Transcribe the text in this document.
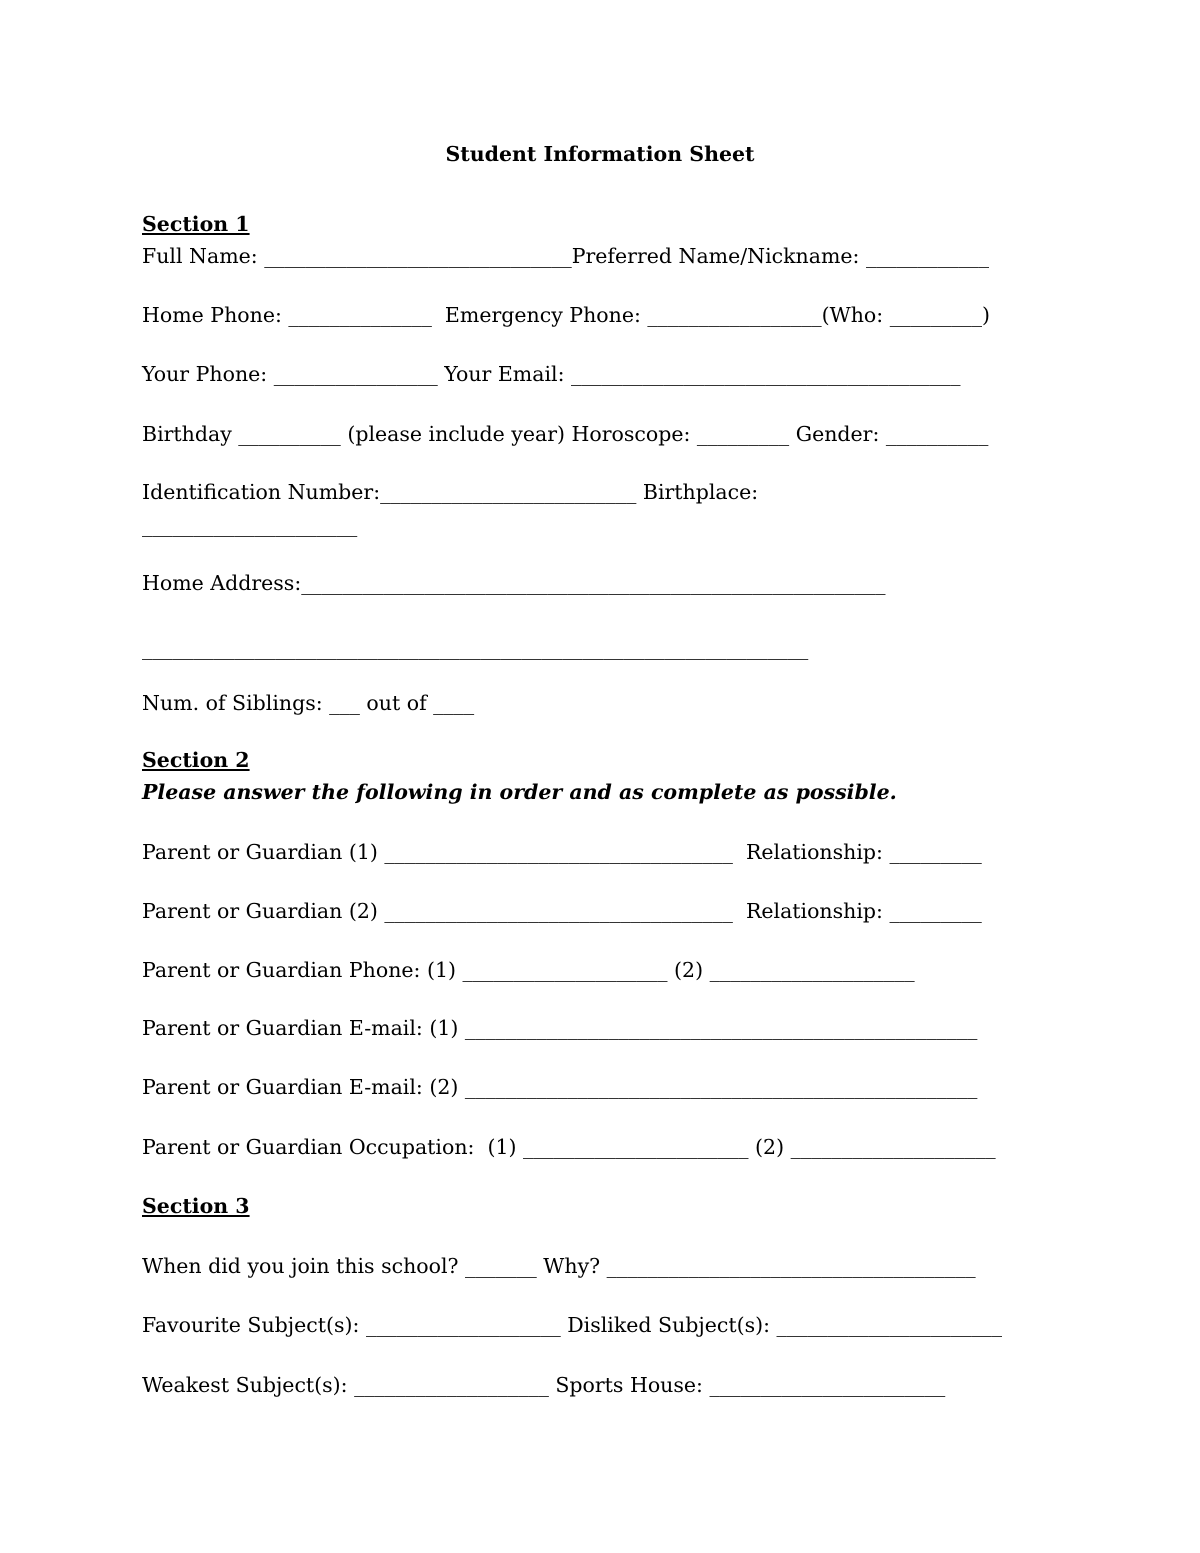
Student Information Sheet
Section 1
Full Name: ______________________________Preferred Name/Nickname: ____________
Home Phone: ______________  Emergency Phone: _________________(Who: _________)
Your Phone: ________________ Your Email: ______________________________________
Birthday __________ (please include year) Horoscope: _________ Gender: __________
Identification Number:_________________________ Birthplace:
_____________________
Home Address:_________________________________________________________
_________________________________________________________________
Num. of Siblings: ___ out of ____
Section 2
Please answer the following in order and as complete as possible.
Parent or Guardian (1) __________________________________  Relationship: _________
Parent or Guardian (2) __________________________________  Relationship: _________
Parent or Guardian Phone: (1) ____________________ (2) ____________________
Parent or Guardian E-mail: (1) __________________________________________________
Parent or Guardian E-mail: (2) __________________________________________________
Parent or Guardian Occupation:  (1) ______________________ (2) ____________________
Section 3
When did you join this school? _______ Why? ____________________________________
Favourite Subject(s): ___________________ Disliked Subject(s): ______________________
Weakest Subject(s): ___________________ Sports House: _______________________
